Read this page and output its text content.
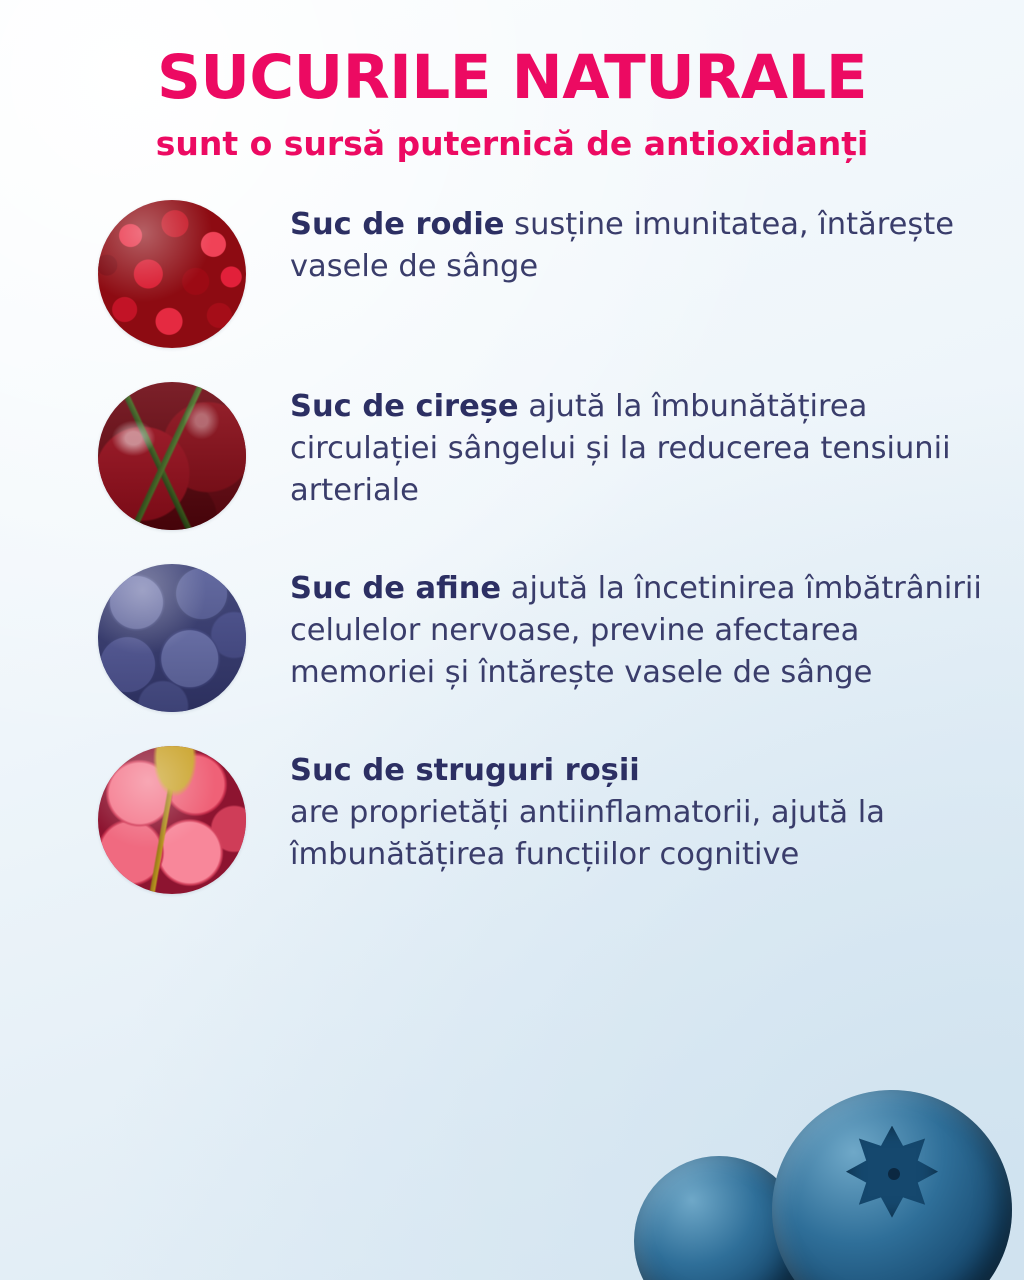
SUCURILE NATURALE

sunt o sursă puternică de antioxidanți

Suc de rodie susține imunitatea, întărește vasele de sânge
Suc de cireșe ajută la îmbunătățirea circulației sângelui și la reducerea tensiunii arteriale
Suc de afine ajută la încetinirea îmbătrânirii celulelor nervoase, previne afectarea memoriei și întărește vasele de sânge
Suc de struguri roșii
are proprietăți antiinflamatorii, ajută la îmbunătățirea funcțiilor cognitive
